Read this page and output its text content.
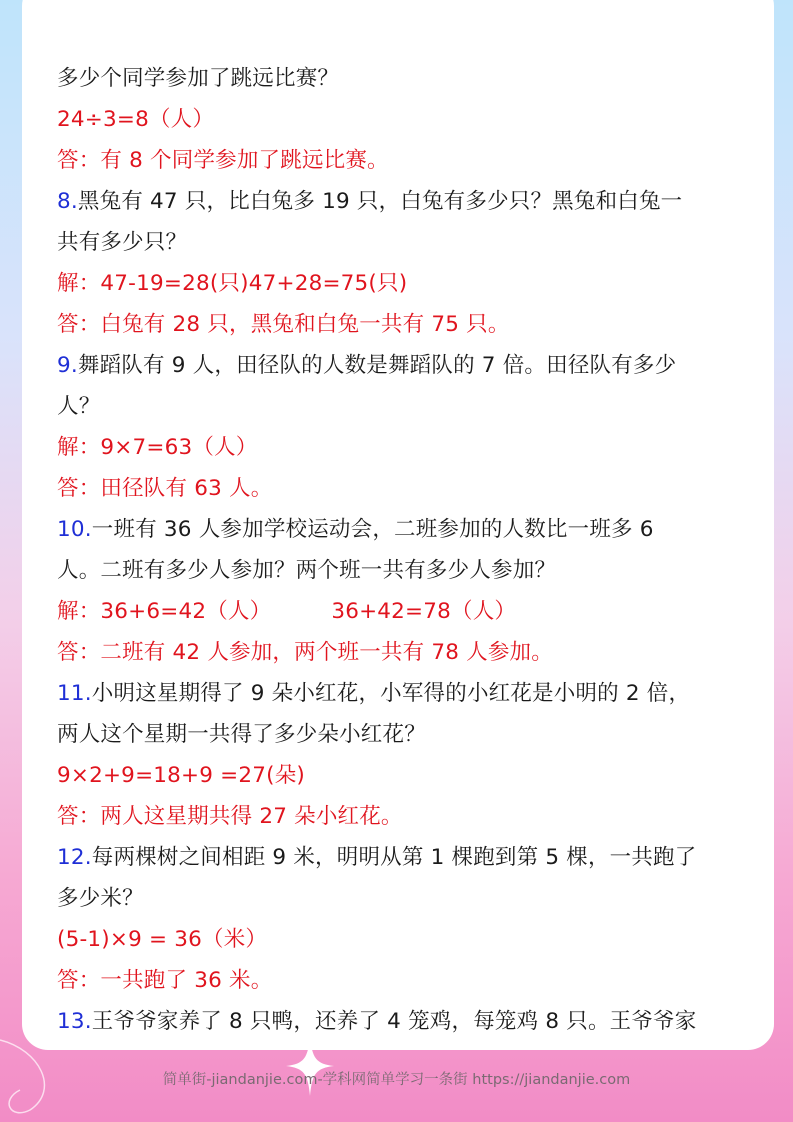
多少个同学参加了跳远比赛？
24÷3=8（人）
答：有 8 个同学参加了跳远比赛。
8.黑兔有 47 只，比白兔多 19 只，白兔有多少只？黑兔和白兔一
共有多少只？
解：47-19=28(只)47+28=75(只)
答：白兔有 28 只，黑兔和白兔一共有 75 只。
9.舞蹈队有 9 人，田径队的人数是舞蹈队的 7 倍。田径队有多少
人？
解：9×7=63（人）
答：田径队有 63 人。
10.一班有 36 人参加学校运动会，二班参加的人数比一班多 6
人。二班有多少人参加？两个班一共有多少人参加？
解：36+6=42（人）	36+42=78（人）
答：二班有 42 人参加，两个班一共有 78 人参加。
11.小明这星期得了 9 朵小红花，小军得的小红花是小明的 2 倍，
两人这个星期一共得了多少朵小红花？
9×2+9=18+9 =27(朵)
答：两人这星期共得 27 朵小红花。
12.每两棵树之间相距 9 米，明明从第 1 棵跑到第 5 棵，一共跑了
多少米？
(5-1)×9 = 36（米）
答：一共跑了 36 米。
13.王爷爷家养了 8 只鸭，还养了 4 笼鸡，每笼鸡 8 只。王爷爷家
简单街-jiandanjie.com-学科网简单学习一条街 https://jiandanjie.com
